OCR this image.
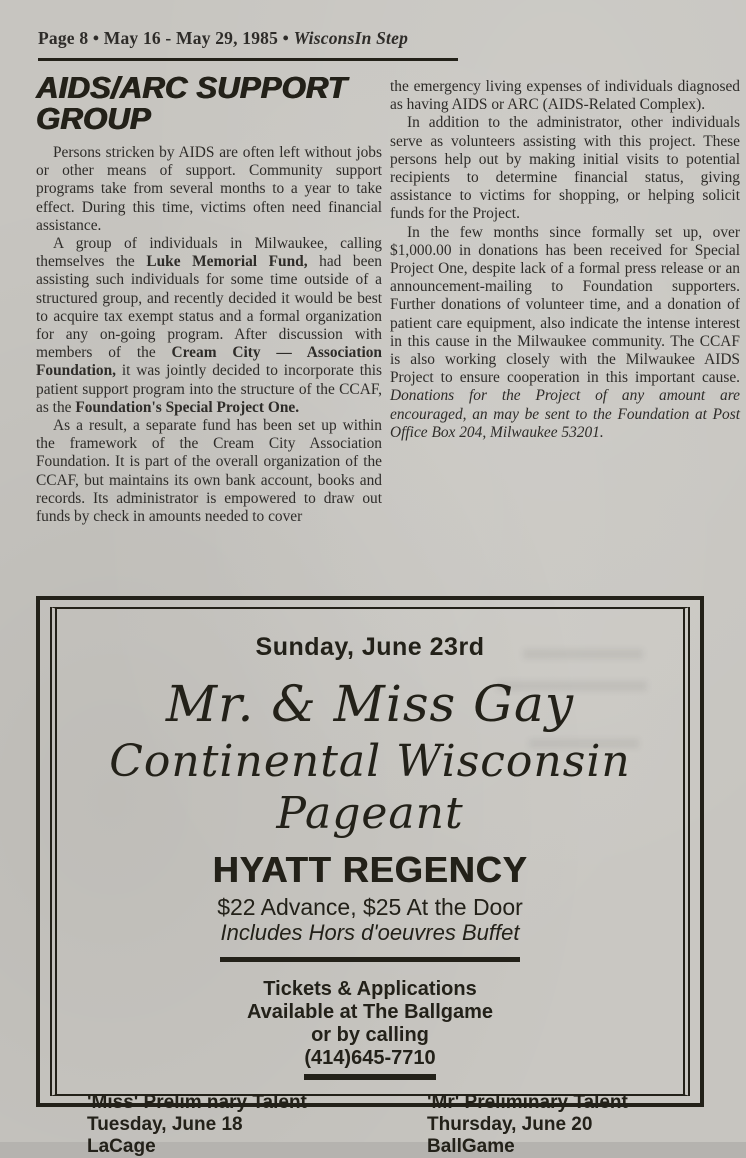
Page 8 • May 16 - May 29, 1985 • WisconsIn Step
AIDS/ARC SUPPORT
GROUP

Persons stricken by AIDS are often left without jobs or other means of support. Community support programs take from several months to a year to take effect. During this time, victims often need financial assistance.

A group of individuals in Milwaukee, calling themselves the Luke Memorial Fund, had been assisting such individuals for some time outside of a structured group, and recently decided it would be best to acquire tax exempt status and a formal organization for any on-going program. After discussion with members of the Cream City — Association Foundation, it was jointly decided to incorporate this patient support program into the structure of the CCAF, as the Foundation's Special Project One.

As a result, a separate fund has been set up within the framework of the Cream City Association Foundation. It is part of the overall organization of the CCAF, but maintains its own bank account, books and records. Its administrator is empowered to draw out funds by check in amounts needed to cover

the emergency living expenses of individuals diagnosed as having AIDS or ARC (AIDS-Related Complex).

In addition to the administrator, other individuals serve as volunteers assisting with this project. These persons help out by making initial visits to potential recipients to determine financial status, giving assistance to victims for shopping, or helping solicit funds for the Project.

In the few months since formally set up, over $1,000.00 in donations has been received for Special Project One, despite lack of a formal press release or an announcement-mailing to Foundation supporters. Further donations of volunteer time, and a donation of patient care equipment, also indicate the intense interest in this cause in the Milwaukee community. The CCAF is also working closely with the Milwaukee AIDS Project to ensure cooperation in this important cause. Donations for the Project of any amount are encouraged, an may be sent to the Foundation at Post Office Box 204, Milwaukee 53201.

Sunday, June 23rd
Mr. & Miss Gay
Continental Wisconsin Pageant
HYATT REGENCY
$22 Advance, $25 At the Door
Includes Hors d'oeuvres Buffet
Tickets & Applications
Available at The Ballgame
or by calling
(414)645-7710
'Miss' Prelim nary Talent
Tuesday, June 18
LaCage
'Mr' Preliminary Talent
Thursday, June 20
BallGame
